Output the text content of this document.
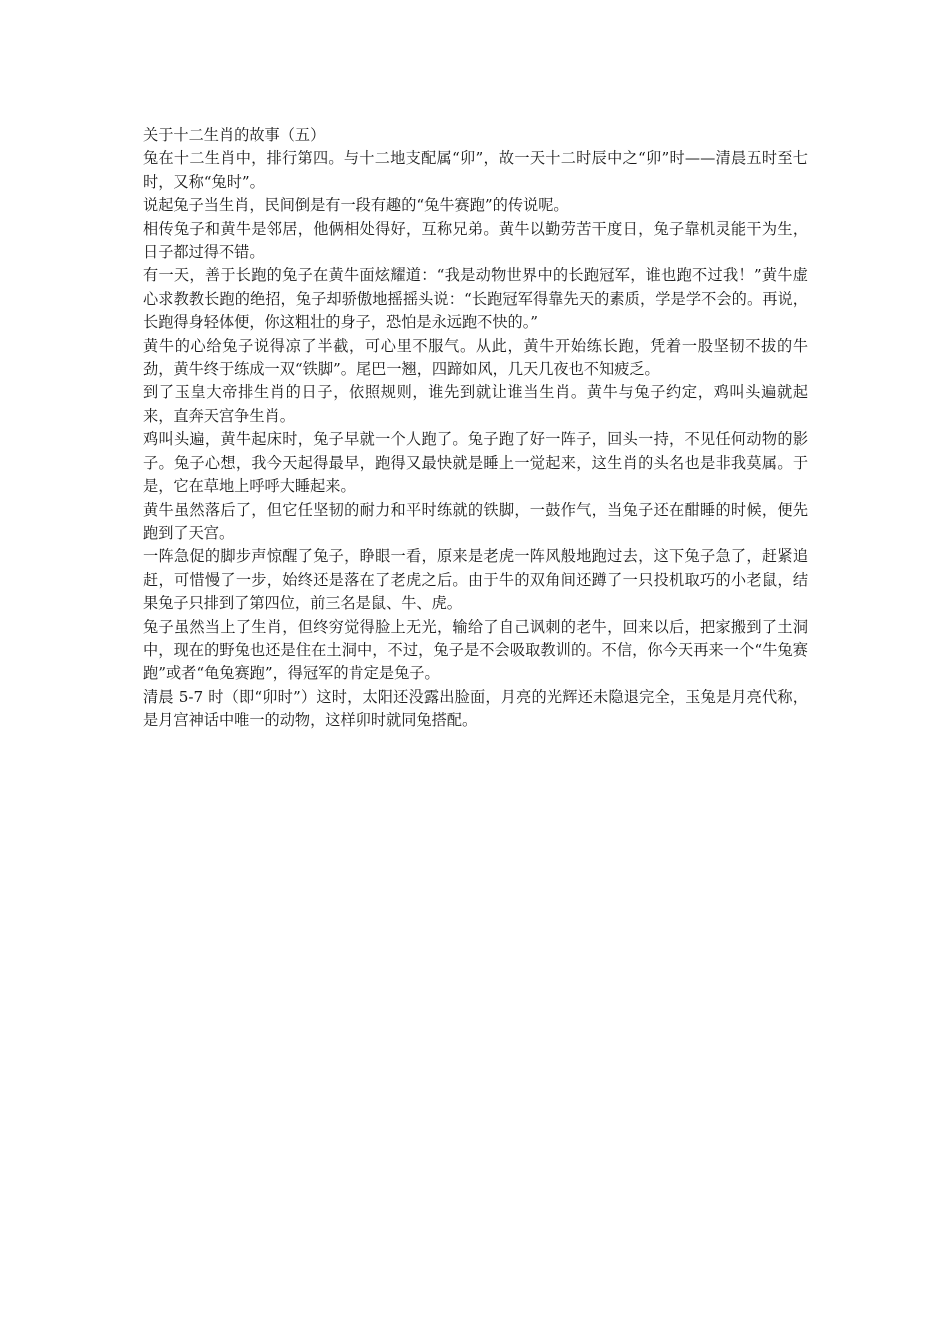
关于十二生肖的故事（五）

兔在十二生肖中，排行第四。与十二地支配属“卯”，故一天十二时辰中之“卯”时——清晨五时至七时，又称“兔时”。

说起兔子当生肖，民间倒是有一段有趣的“兔牛赛跑”的传说呢。

相传兔子和黄牛是邻居，他俩相处得好，互称兄弟。黄牛以勤劳苦干度日，兔子靠机灵能干为生，日子都过得不错。

有一天，善于长跑的兔子在黄牛面炫耀道：“我是动物世界中的长跑冠军，谁也跑不过我！”黄牛虚心求教教长跑的绝招，兔子却骄傲地摇摇头说：“长跑冠军得靠先天的素质，学是学不会的。再说，长跑得身轻体便，你这粗壮的身子，恐怕是永远跑不快的。”

黄牛的心给兔子说得凉了半截，可心里不服气。从此，黄牛开始练长跑，凭着一股坚韧不拔的牛劲，黄牛终于练成一双“铁脚”。尾巴一翘，四蹄如风，几天几夜也不知疲乏。

到了玉皇大帝排生肖的日子，依照规则，谁先到就让谁当生肖。黄牛与兔子约定，鸡叫头遍就起来，直奔天宫争生肖。

鸡叫头遍，黄牛起床时，兔子早就一个人跑了。兔子跑了好一阵子，回头一持，不见任何动物的影子。兔子心想，我今天起得最早，跑得又最快就是睡上一觉起来，这生肖的头名也是非我莫属。于是，它在草地上呼呼大睡起来。

黄牛虽然落后了，但它任坚韧的耐力和平时练就的铁脚，一鼓作气，当兔子还在酣睡的时候，便先跑到了天宫。

一阵急促的脚步声惊醒了兔子，睁眼一看，原来是老虎一阵风般地跑过去，这下兔子急了，赶紧追赶，可惜慢了一步，始终还是落在了老虎之后。由于牛的双角间还蹲了一只投机取巧的小老鼠，结果兔子只排到了第四位，前三名是鼠、牛、虎。

兔子虽然当上了生肖，但终穷觉得脸上无光，输给了自己讽刺的老牛，回来以后，把家搬到了土洞中，现在的野兔也还是住在土洞中，不过，兔子是不会吸取教训的。不信，你今天再来一个“牛兔赛跑”或者“龟兔赛跑”，得冠军的肯定是兔子。

清晨 5-7 时（即“卯时”）这时，太阳还没露出脸面，月亮的光辉还未隐退完全，玉兔是月亮代称，是月宫神话中唯一的动物，这样卯时就同兔搭配。
